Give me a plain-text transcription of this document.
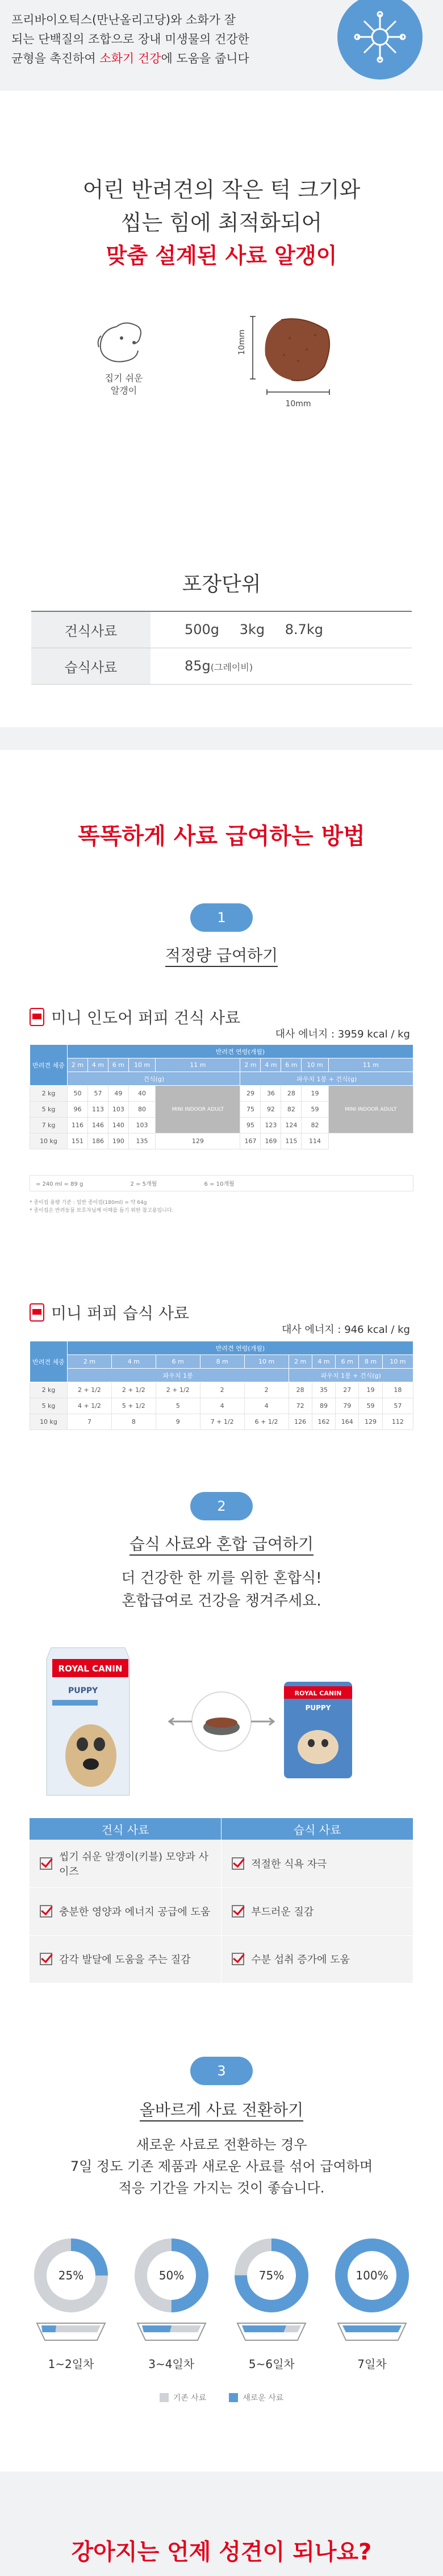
프리바이오틱스(만난올리고당)와 소화가 잘
되는 단백질의 조합으로 장내 미생물의 건강한
균형을 촉진하여 소화기 건강에 도움을 줍니다
어린 반려견의 작은 턱 크기와
씹는 힘에 최적화되어
맞춤 설계된 사료 알갱이
집기 쉬운
알갱이
10mm
10mm
포장단위
건식사료	500g 3kg 8.7kg
습식사료	85g(그레이비)
똑똑하게 사료 급여하는 방법
1
적정량 급여하기
미니 인도어 퍼피 건식 사료
대사 에너지 : 3959 kcal / kg
반려견 체중	반려견 연령(개월)									
	2 m	4 m	6 m	10 m	11 m	2 m	4 m	6 m	10 m	11 m
	건식(g)					파우치 1봉 + 건식(g)				
2 kg	50	57	49	40	MINI INDOOR ADULT	29	36	28	19	MINI INDOOR ADULT
5 kg	96	113	103	80		75	92	82	59	
7 kg	116	146	140	103		95	123	124	82	
10 kg	151	186	190	135	129	167	169	115	114	
= 240 ml = 89 g	2 = 5개월	6 = 10개월
* 종이컵 용량 기준 : 일반 종이컵(180ml) = 약 64g
* 종이컵은 반려동물 보호자님께 이해를 돕기 위한 참고용입니다.
미니 퍼피 습식 사료
대사 에너지 : 946 kcal / kg
반려견 체중	반려견 연령(개월)									
	2 m	4 m	6 m	8 m	10 m	2 m	4 m	6 m	8 m	10 m
	파우치 1봉					파우치 1봉 + 건식(g)				
2 kg	2 + 1/2	2 + 1/2	2 + 1/2	2	2	28	35	27	19	18
5 kg	4 + 1/2	5 + 1/2	5	4	4	72	89	79	59	57
10 kg	7	8	9	7 + 1/2	6 + 1/2	126	162	164	129	112
2
습식 사료와 혼합 급여하기
더 건강한 한 끼를 위한 혼합식!
혼합급여로 건강을 챙겨주세요.
ROYAL CANIN
PUPPY	ROYAL CANIN
PUPPY
건식 사료	습식 사료

씹기 쉬운 알갱이(키블) 모양과 사이즈	적절한 식욕 자극

충분한 영양과 에너지 공급에 도움	부드러운 질감

감각 발달에 도움을 주는 질감	수분 섭취 증가에 도움
3
올바르게 사료 전환하기
새로운 사료로 전환하는 경우
7일 정도 기존 제품과 새로운 사료를 섞어 급여하며
적응 기간을 가지는 것이 좋습니다.
25%
1~2일차
50%
3~4일차
75%
5~6일차
100%
7일차
기존 사료	새로운 사료
강아지는 언제 성견이 되나요?
